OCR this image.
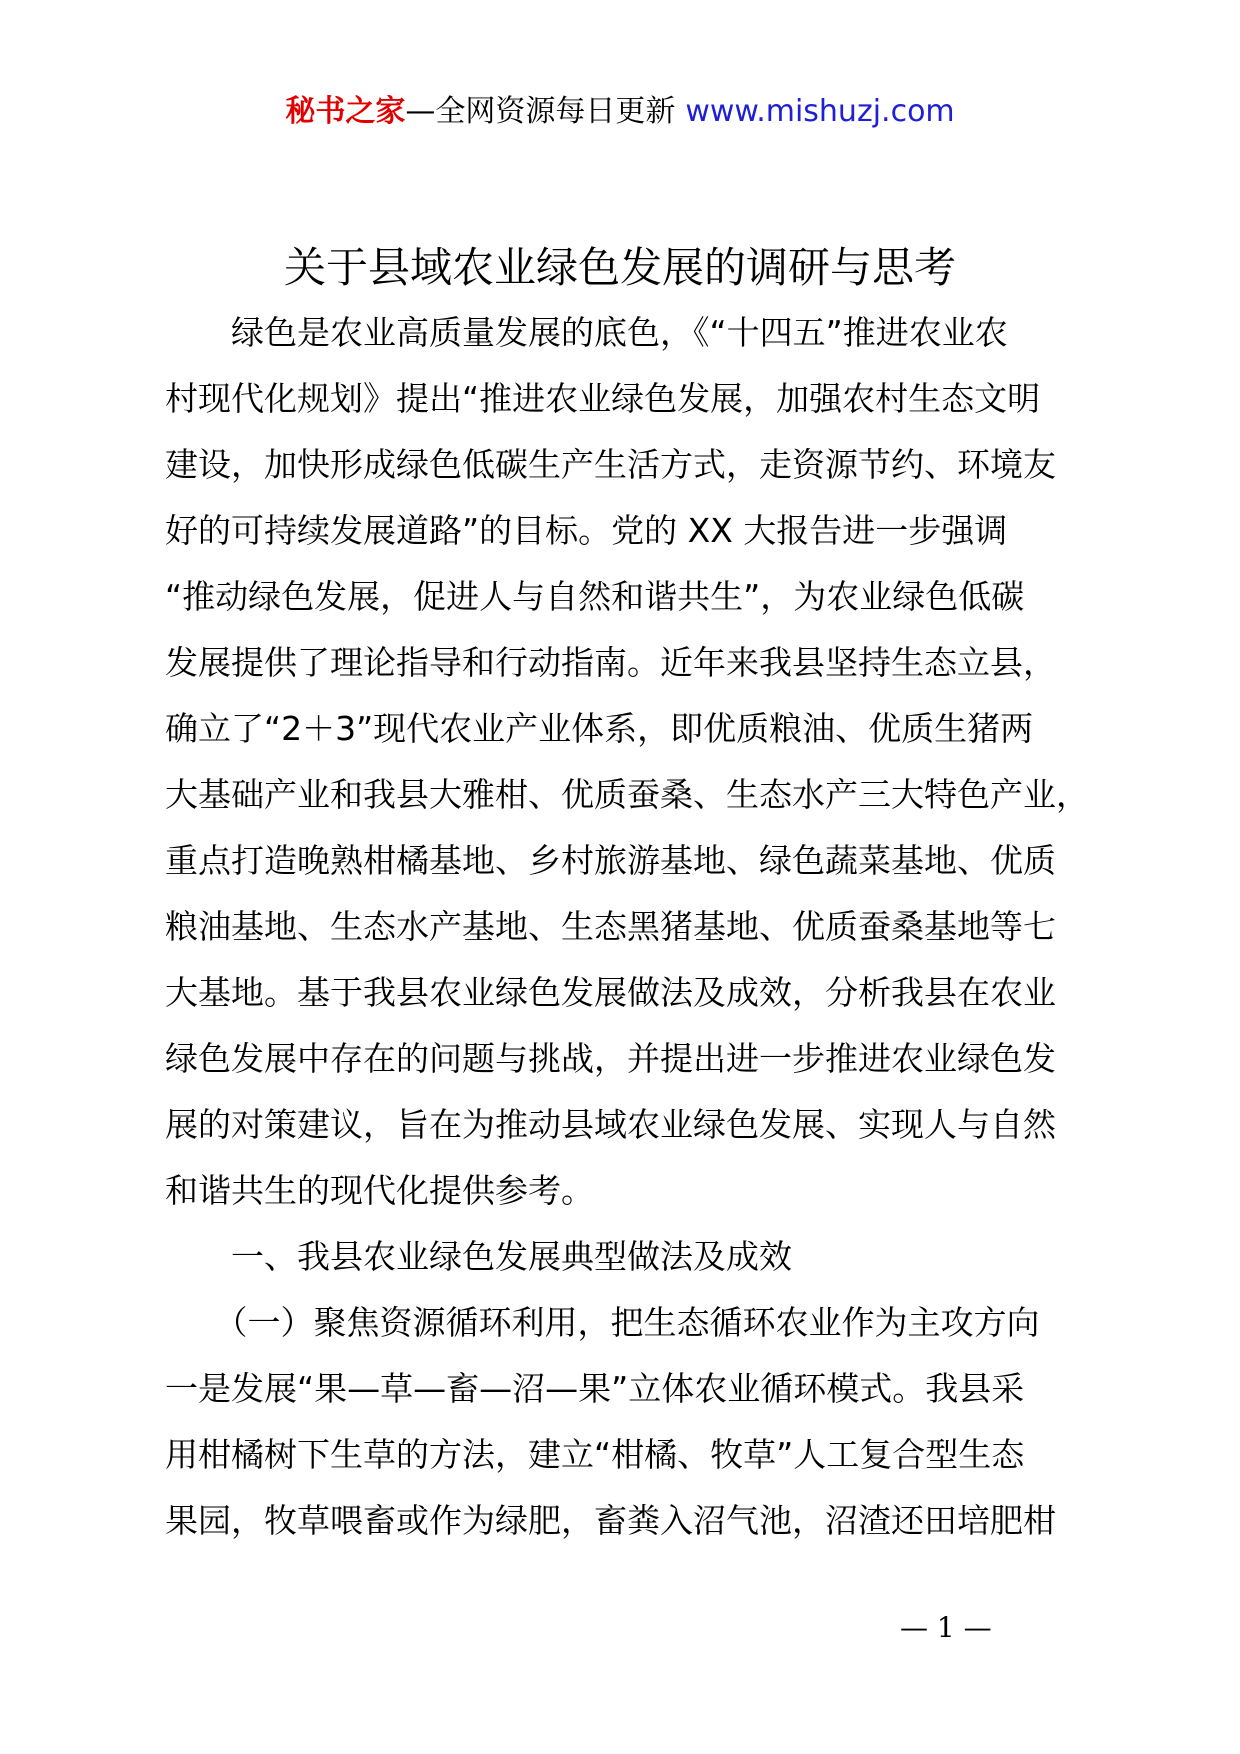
秘书之家—全网资源每日更新 www.mishuzj.com
关于县域农业绿色发展的调研与思考
　　绿色是农业高质量发展的底色，《“十四五”推进农业农
村现代化规划》提出“推进农业绿色发展，加强农村生态文明
建设，加快形成绿色低碳生产生活方式，走资源节约、环境友
好的可持续发展道路”的目标。党的 XX 大报告进一步强调
“推动绿色发展，促进人与自然和谐共生”，为农业绿色低碳
发展提供了理论指导和行动指南。近年来我县坚持生态立县，
确立了“2＋3”现代农业产业体系，即优质粮油、优质生猪两
大基础产业和我县大雅柑、优质蚕桑、生态水产三大特色产业，
重点打造晚熟柑橘基地、乡村旅游基地、绿色蔬菜基地、优质
粮油基地、生态水产基地、生态黑猪基地、优质蚕桑基地等七
大基地。基于我县农业绿色发展做法及成效，分析我县在农业
绿色发展中存在的问题与挑战，并提出进一步推进农业绿色发
展的对策建议，旨在为推动县域农业绿色发展、实现人与自然
和谐共生的现代化提供参考。
　　一、我县农业绿色发展典型做法及成效
　　（一）聚焦资源循环利用，把生态循环农业作为主攻方向
一是发展“果—草—畜—沼—果”立体农业循环模式。我县采
用柑橘树下生草的方法，建立“柑橘、牧草”人工复合型生态
果园，牧草喂畜或作为绿肥，畜粪入沼气池，沼渣还田培肥柑
— 1 —
